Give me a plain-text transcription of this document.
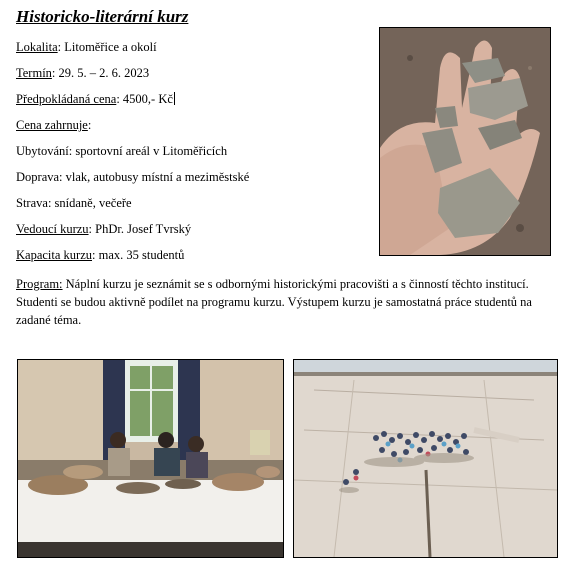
Historicko-literární kurz
Lokalita: Litoměřice a okolí
Termín: 29. 5. – 2. 6. 2023
Předpokládaná cena: 4500,- Kč
Cena zahrnuje:
Ubytování: sportovní areál v Litoměřicích
Doprava: vlak, autobusy místní a meziměstské
Strava: snídaně, večeře
Vedoucí kurzu: PhDr. Josef Tvrský
Kapacita kurzu: max. 35 studentů
Program: Náplní kurzu je seznámit se s odbornými historickými pracovišti a s činností těchto institucí. Studenti se budou aktivně podílet na programu kurzu. Výstupem kurzu je samostatná práce studentů na zadané téma.
